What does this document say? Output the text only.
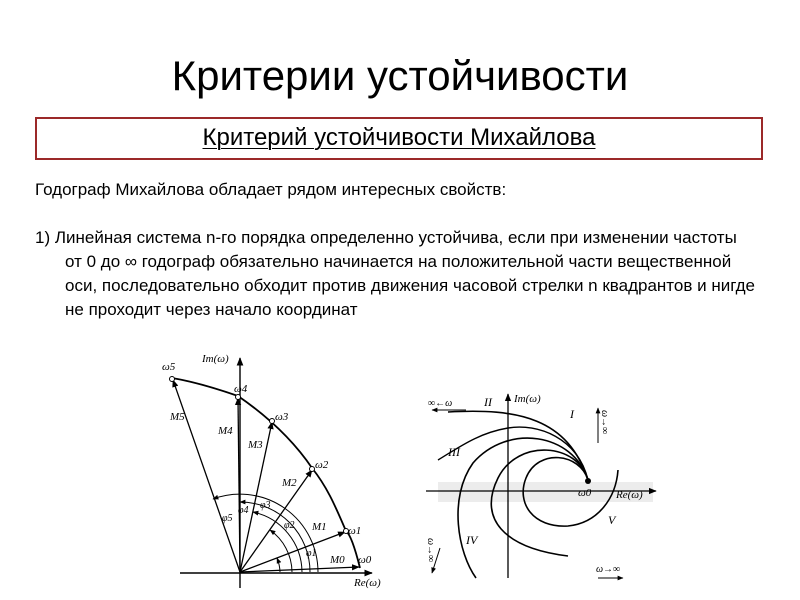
Критерии устойчивости
Критерий устойчивости Михайлова

Годограф Михайлова обладает рядом интересных свойств:

1) Линейная система n-го порядка определенно устойчива, если при изменении частоты от 0 до ∞ годограф обязательно начинается на положительной части вещественной оси, последовательно обходит против движения часовой стрелки n квадрантов и нигде не проходит через начало координат

Im(ω)
Re(ω)
ω0
ω1
ω2
ω3
ω4
ω5
M0
M1
M2
M3
M4
M5
φ1
φ2
φ3
φ4
φ5
Im(ω)
Re(ω)
ω0
I
II
III
IV
V
∞←ω
ω→∞
ω→∞
ω→∞
